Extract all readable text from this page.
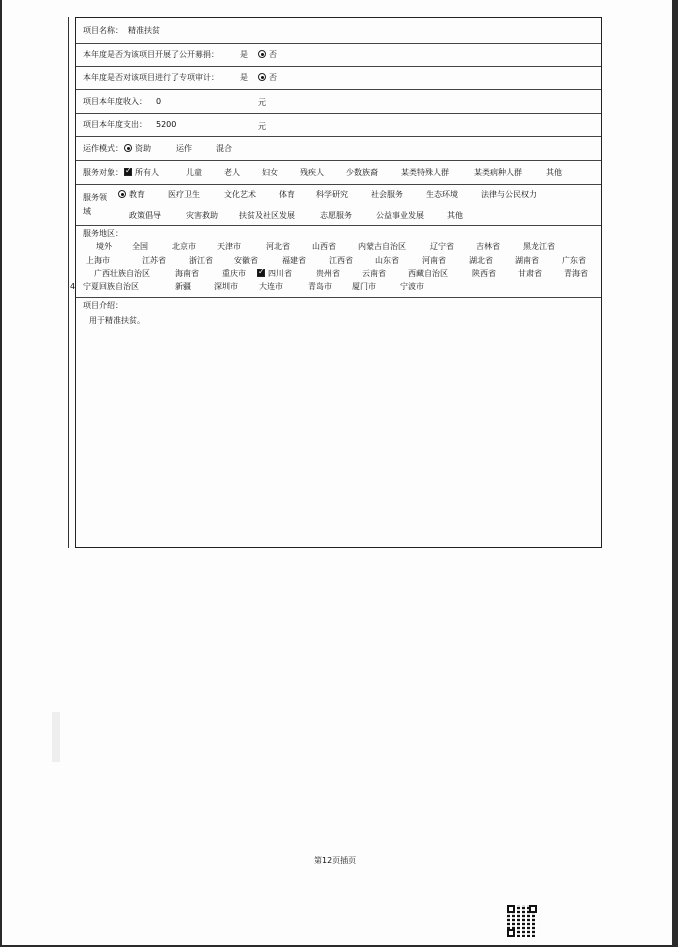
4
项目名称： 精准扶贫
本年度是否为该项目开展了公开募捐：	是	否
本年度是否对该项目进行了专项审计：	是	否
项目本年度收入： 0	元
项目本年度支出： 5200	元
运作模式：	资助	运作	混合
服务对象： ✓	所有人	儿童	老人	妇女	残疾人	少数族裔	某类特殊人群	某类病种人群	其他
服务领
域
教育	医疗卫生	文化艺术	体育	科学研究	社会服务	生态环境	法律与公民权力
政策倡导	灾害救助	扶贫及社区发展	志愿服务	公益事业发展	其他
服务地区：
境外	全国	北京市	天津市	河北省	山西省	内蒙古自治区	辽宁省	吉林省	黑龙江省
上海市	江苏省	浙江省	安徽省	福建省	江西省	山东省	河南省	湖北省	湖南省	广东省
广西壮族自治区	海南省	重庆市 ✓	四川省	贵州省	云南省	西藏自治区	陕西省	甘肃省	青海省
宁夏回族自治区	新疆	深圳市	大连市	青岛市	厦门市	宁波市
项目介绍：
用于精准扶贫。
第12页插页
